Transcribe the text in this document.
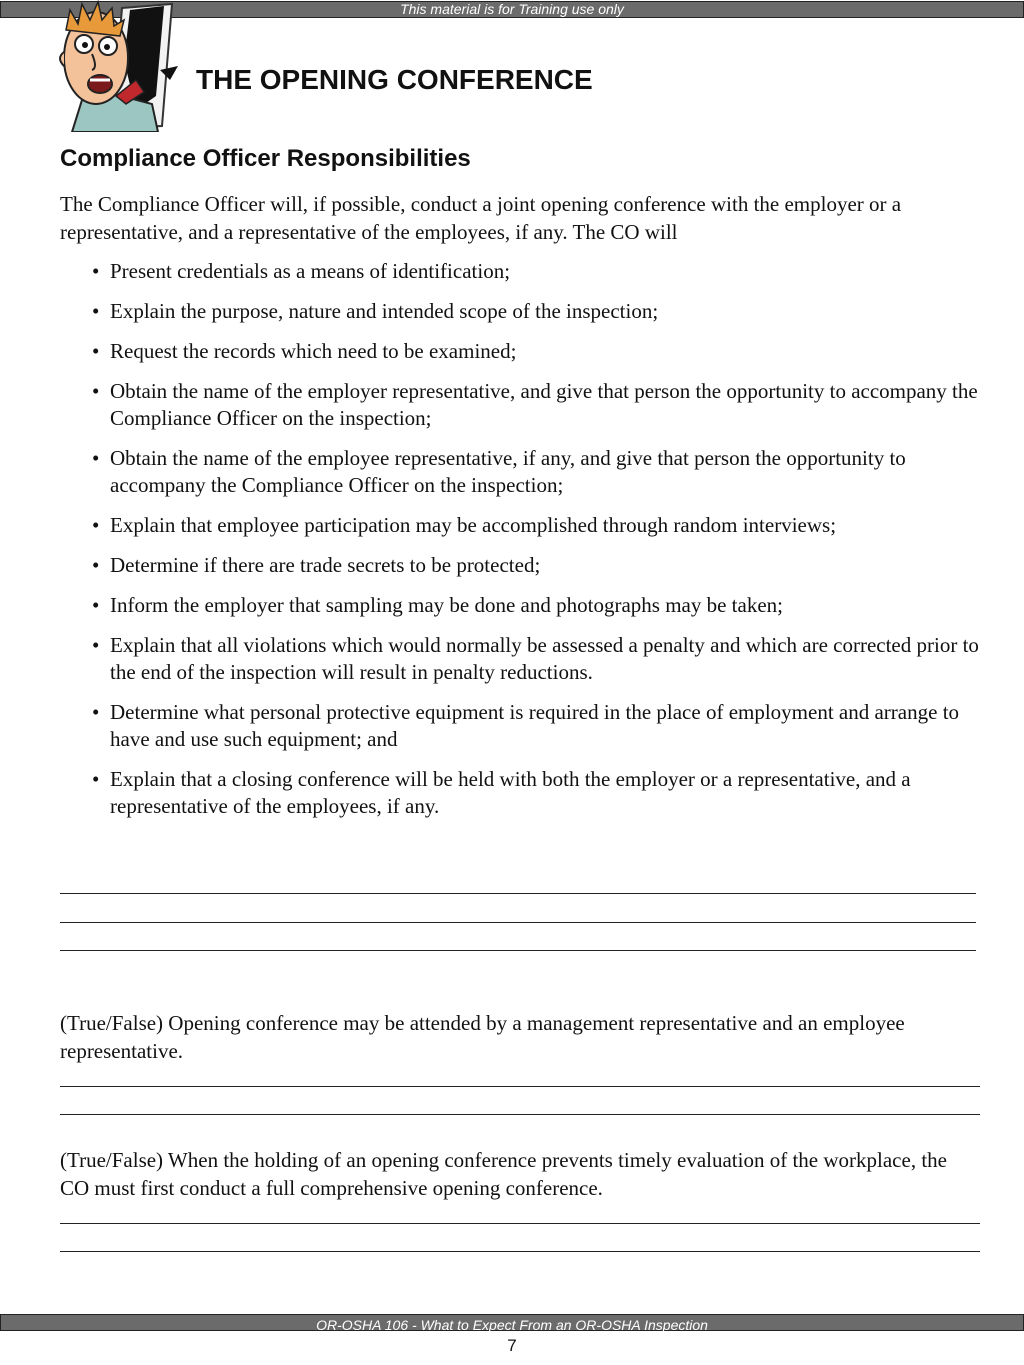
This material is for Training use only
THE OPENING CONFERENCE
Compliance Officer Responsibilities

The Compliance Officer will, if possible, conduct a joint opening conference with the employer or a representative, and a representative of the employees, if any. The CO will

• Present credentials as a means of identification;
• Explain the purpose, nature and intended scope of the inspection;
• Request the records which need to be examined;
• Obtain the name of the employer representative, and give that person the opportunity to accompany the Compliance Officer on the inspection;
• Obtain the name of the employee representative, if any, and give that person the opportunity to accompany the Compliance Officer on the inspection;
• Explain that employee participation may be accomplished through random interviews;
• Determine if there are trade secrets to be protected;
• Inform the employer that sampling may be done and photographs may be taken;
• Explain that all violations which would normally be assessed a penalty and which are corrected prior to the end of the inspection will result in penalty reductions.
• Determine what personal protective equipment is required in the place of employment and arrange to have and use such equipment; and
• Explain that a closing conference will be held with both the employer or a representative, and a representative of the employees, if any.

(True/False) Opening conference may be attended by a management representative and an employee representative.

(True/False) When the holding of an opening conference prevents timely evaluation of the workplace, the CO must first conduct a full comprehensive opening conference.

OR-OSHA 106 - What to Expect From an OR-OSHA Inspection
7
